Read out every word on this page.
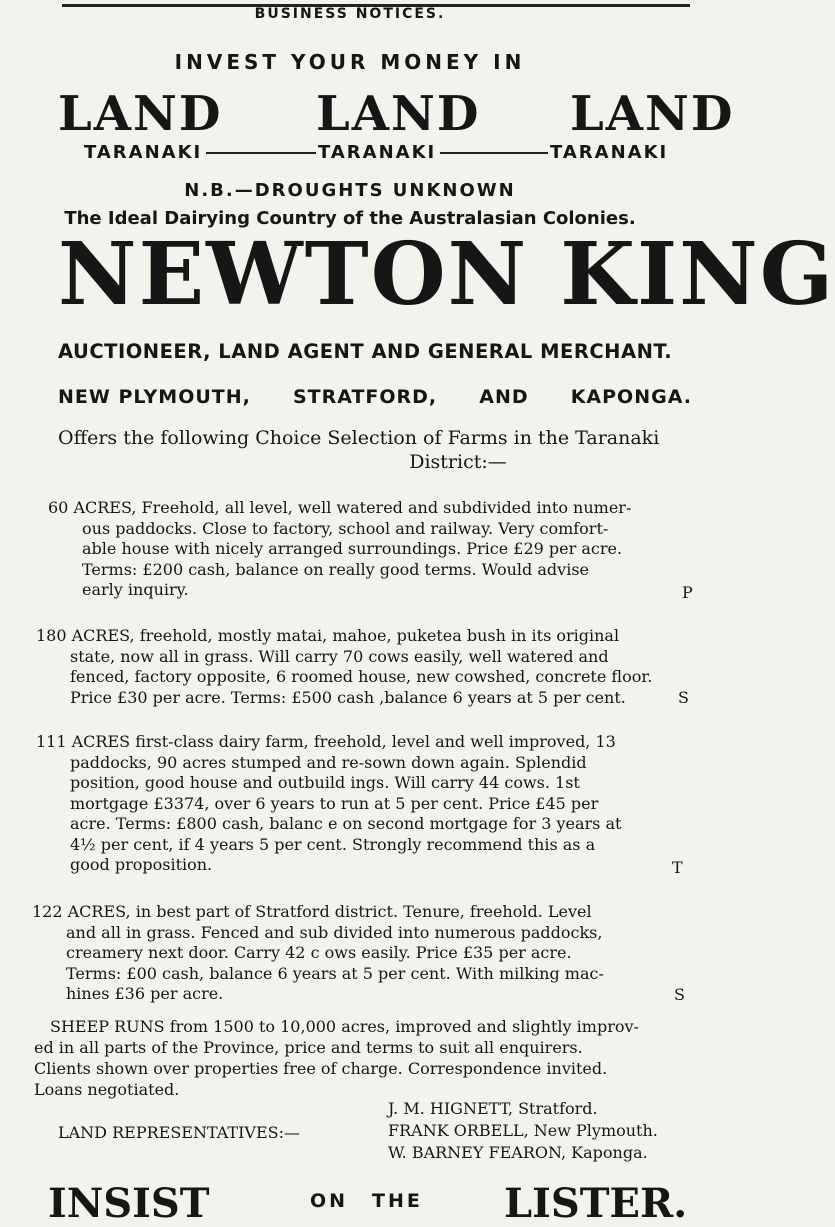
BUSINESS NOTICES.
INVEST YOUR MONEY IN
LAND LAND LAND
TARANAKI	TARANAKI	TARANAKI
N.B.—DROUGHTS UNKNOWN
The Ideal Dairying Country of the Australasian Colonies.
NEWTON KING
AUCTIONEER, LAND AGENT AND GENERAL MERCHANT.
NEW PLYMOUTH, STRATFORD, AND KAPONGA.
Offers the following Choice Selection of Farms in the Taranaki
District:—
60 ACRES, Freehold, all level, well watered and subdivided into numer-
ous paddocks. Close to factory, school and railway. Very comfort-
able house with nicely arranged surroundings. Price £29 per acre.
Terms: £200 cash, balance on really good terms. Would advise
early inquiry.	P
180 ACRES, freehold, mostly matai, mahoe, puketea bush in its original
state, now all in grass. Will carry 70 cows easily, well watered and
fenced, factory opposite, 6 roomed house, new cowshed, concrete floor.
Price £30 per acre. Terms: £500 cash ,balance 6 years at 5 per cent.	S
111 ACRES first-class dairy farm, freehold, level and well improved, 13
paddocks, 90 acres stumped and re-sown down again. Splendid
position, good house and outbuild ings. Will carry 44 cows. 1st
mortgage £3374, over 6 years to run at 5 per cent. Price £45 per
acre. Terms: £800 cash, balanc e on second mortgage for 3 years at
4½ per cent, if 4 years 5 per cent. Strongly recommend this as a
good proposition.	T
122 ACRES, in best part of Stratford district. Tenure, freehold. Level
and all in grass. Fenced and sub divided into numerous paddocks,
creamery next door. Carry 42 c ows easily. Price £35 per acre.
Terms: £00 cash, balance 6 years at 5 per cent. With milking mac-
hines £36 per acre.	S
SHEEP RUNS from 1500 to 10,000 acres, improved and slightly improv-
ed in all parts of the Province, price and terms to suit all enquirers.
Clients shown over properties free of charge. Correspondence invited.
Loans negotiated.
LAND REPRESENTATIVES:—
J. M. HIGNETT, Stratford.
FRANK ORBELL, New Plymouth.
W. BARNEY FEARON, Kaponga.
INSIST	ON THE LISTER.
